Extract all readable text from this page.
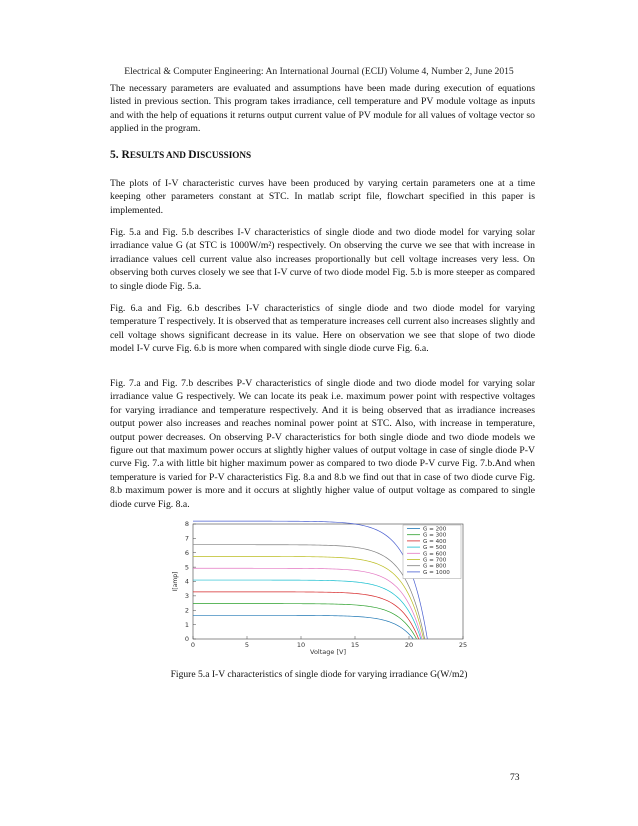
Electrical & Computer Engineering: An International Journal (ECIJ) Volume 4, Number 2, June 2015

The necessary parameters are evaluated and assumptions have been made during execution of equations listed in previous section. This program takes irradiance, cell temperature and PV module voltage as inputs and with the help of equations it returns output current value of PV module for all values of voltage vector so applied in the program.

5. RESULTS AND DISCUSSIONS

The plots of I-V characteristic curves have been produced by varying certain parameters one at a time keeping other parameters constant at STC. In matlab script file, flowchart specified in this paper is implemented.

Fig. 5.a and Fig. 5.b describes I-V characteristics of single diode and two diode model for varying solar irradiance value G (at STC is 1000W/m²) respectively. On observing the curve we see that with increase in irradiance values cell current value also increases proportionally but cell voltage increases very less. On observing both curves closely we see that I-V curve of two diode model Fig. 5.b is more steeper as compared to single diode Fig. 5.a.

Fig. 6.a and Fig. 6.b describes I-V characteristics of single diode and two diode model for varying temperature T respectively. It is observed that as temperature increases cell current also increases slightly and cell voltage shows significant decrease in its value. Here on observation we see that slope of two diode model I-V curve Fig. 6.b is more when compared with single diode curve Fig. 6.a.

Fig. 7.a and Fig. 7.b describes P-V characteristics of single diode and two diode model for varying solar irradiance value G respectively. We can locate its peak i.e. maximum power point with respective voltages for varying irradiance and temperature respectively. And it is being observed that as irradiance increases output power also increases and reaches nominal power point at STC. Also, with increase in temperature, output power decreases. On observing P-V characteristics for both single diode and two diode models we figure out that maximum power occurs at slightly higher values of output voltage in case of single diode P-V curve Fig. 7.a with little bit higher maximum power as compared to two diode P-V curve Fig. 7.b.And when temperature is varied for P-V characteristics Fig. 8.a and 8.b we find out that in case of two diode curve Fig. 8.b maximum power is more and it occurs at slightly higher value of output voltage as compared to single diode curve Fig. 8.a.

0	5	10	15	20	25
0
1
2
3
4
5
6
7
8
Voltage [V]
I[amp]
G = 200
G = 300
G = 400
G = 500
G = 600
G = 700
G = 800
G = 1000
Figure 5.a I-V characteristics of single diode for varying irradiance G(W/m2)
73
